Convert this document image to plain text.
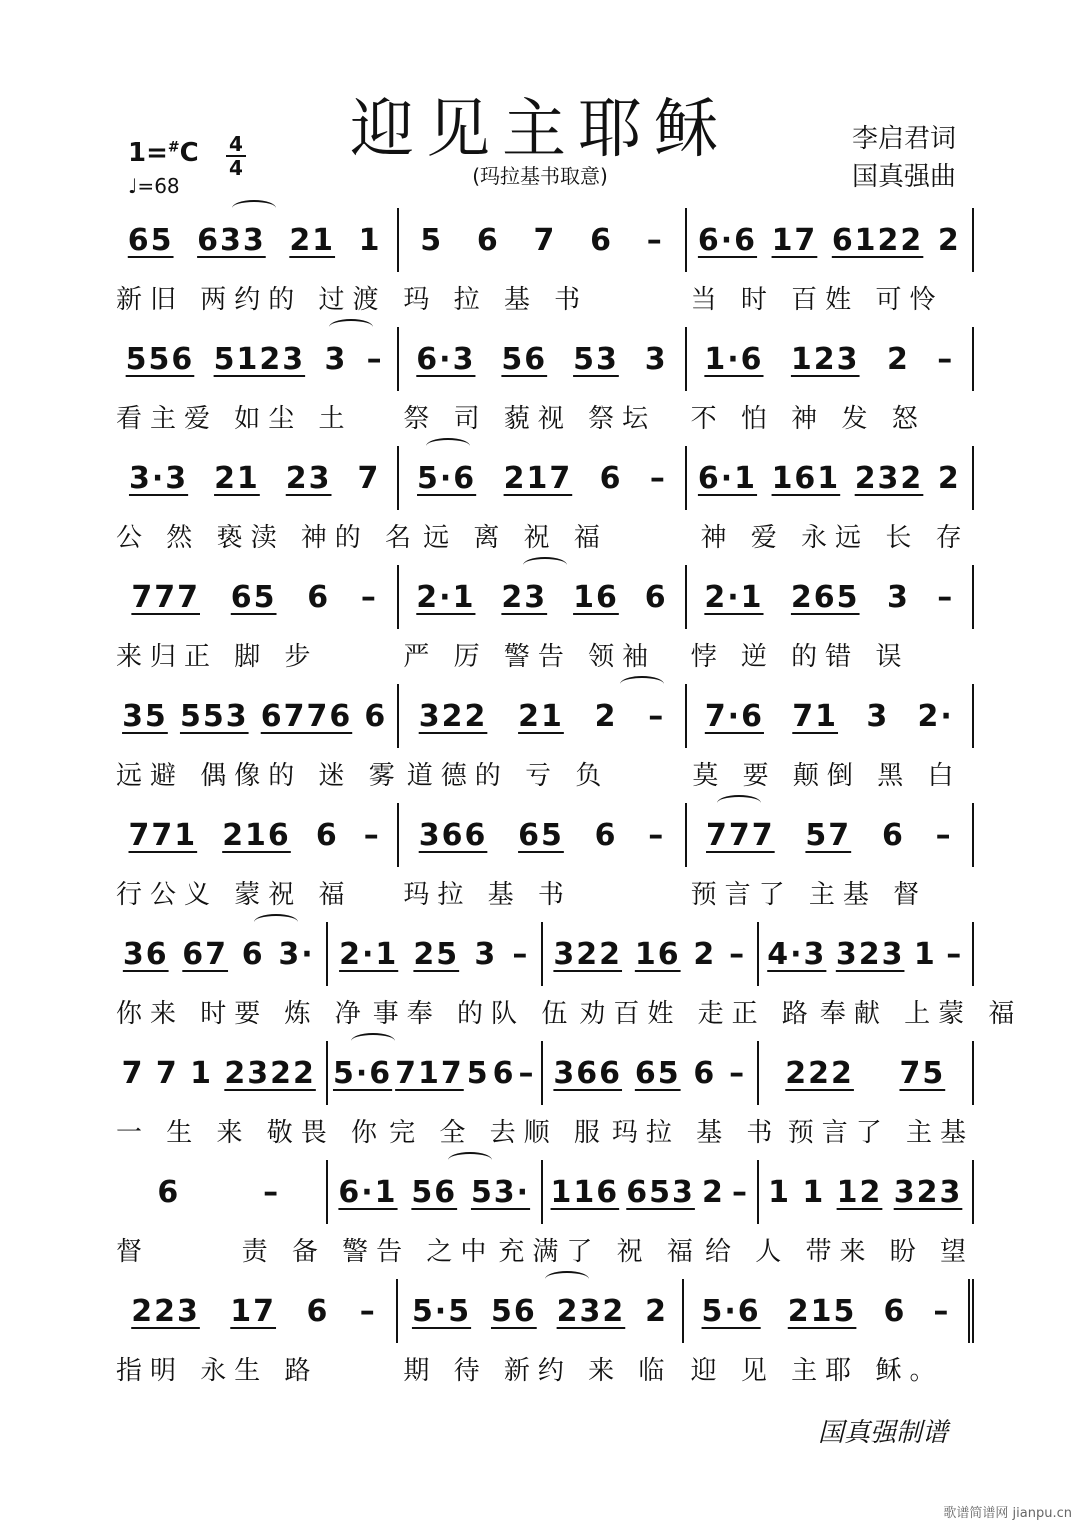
迎见主耶稣
(玛拉基书取意)
1=#C 4
4
♩=68
李启君词
国真强曲
65 633 21 1 5 6 7 6 – 6·6 17 6122 2
新旧 两约的 过渡 玛 拉 基 书	当 时 百姓 可怜
556 5123 3 – 6·3 56 53 3 1·6 123 2 –
看主爱 如尘 土	祭 司 藐视 祭坛	不 怕 神 发 怒
3·3 21 23 7 5·6 217 6 – 6·1 161 232 2
公 然 亵渎 神的 名 远 离 祝 福	神 爱 永远 长 存
777 65 6 – 2·1 23 16 6 2·1 265 3 –
来归正 脚 步	严 厉 警告 领袖	悖 逆 的错 误
35 553 6776 6 322 21 2 – 7·6 71 3 2·
远避 偶像的 迷 雾 道德的 亏 负	莫 要 颠倒 黑 白
771 216 6 – 366 65 6 – 777 57 6 –
行公义 蒙祝 福	玛拉 基 书	预言了 主基 督
36 67 6 3· 2·1 25 3 – 322 16 2 – 4·3 323 1 –
你来 时要 炼 净 事奉 的队 伍 劝百姓 走正 路 奉献 上蒙 福
7 7 1 2322 5·6 717 5 6 – 366 65 6 – 222 75
一 生 来 敬畏 你 完 全 去顺 服 玛拉 基 书 预言了 主基
6	– 6·1 56 53· 116 653 2 – 1 1 12 323
督	责 备 警告 之中 充满了 祝 福 给 人 带来 盼 望
223 17 6 – 5·5 56 232 2 5·6 215 6 –
指明 永生 路	期 待 新约 来 临 迎 见 主耶 稣。
国真强制谱
歌谱简谱网 jianpu.cn
